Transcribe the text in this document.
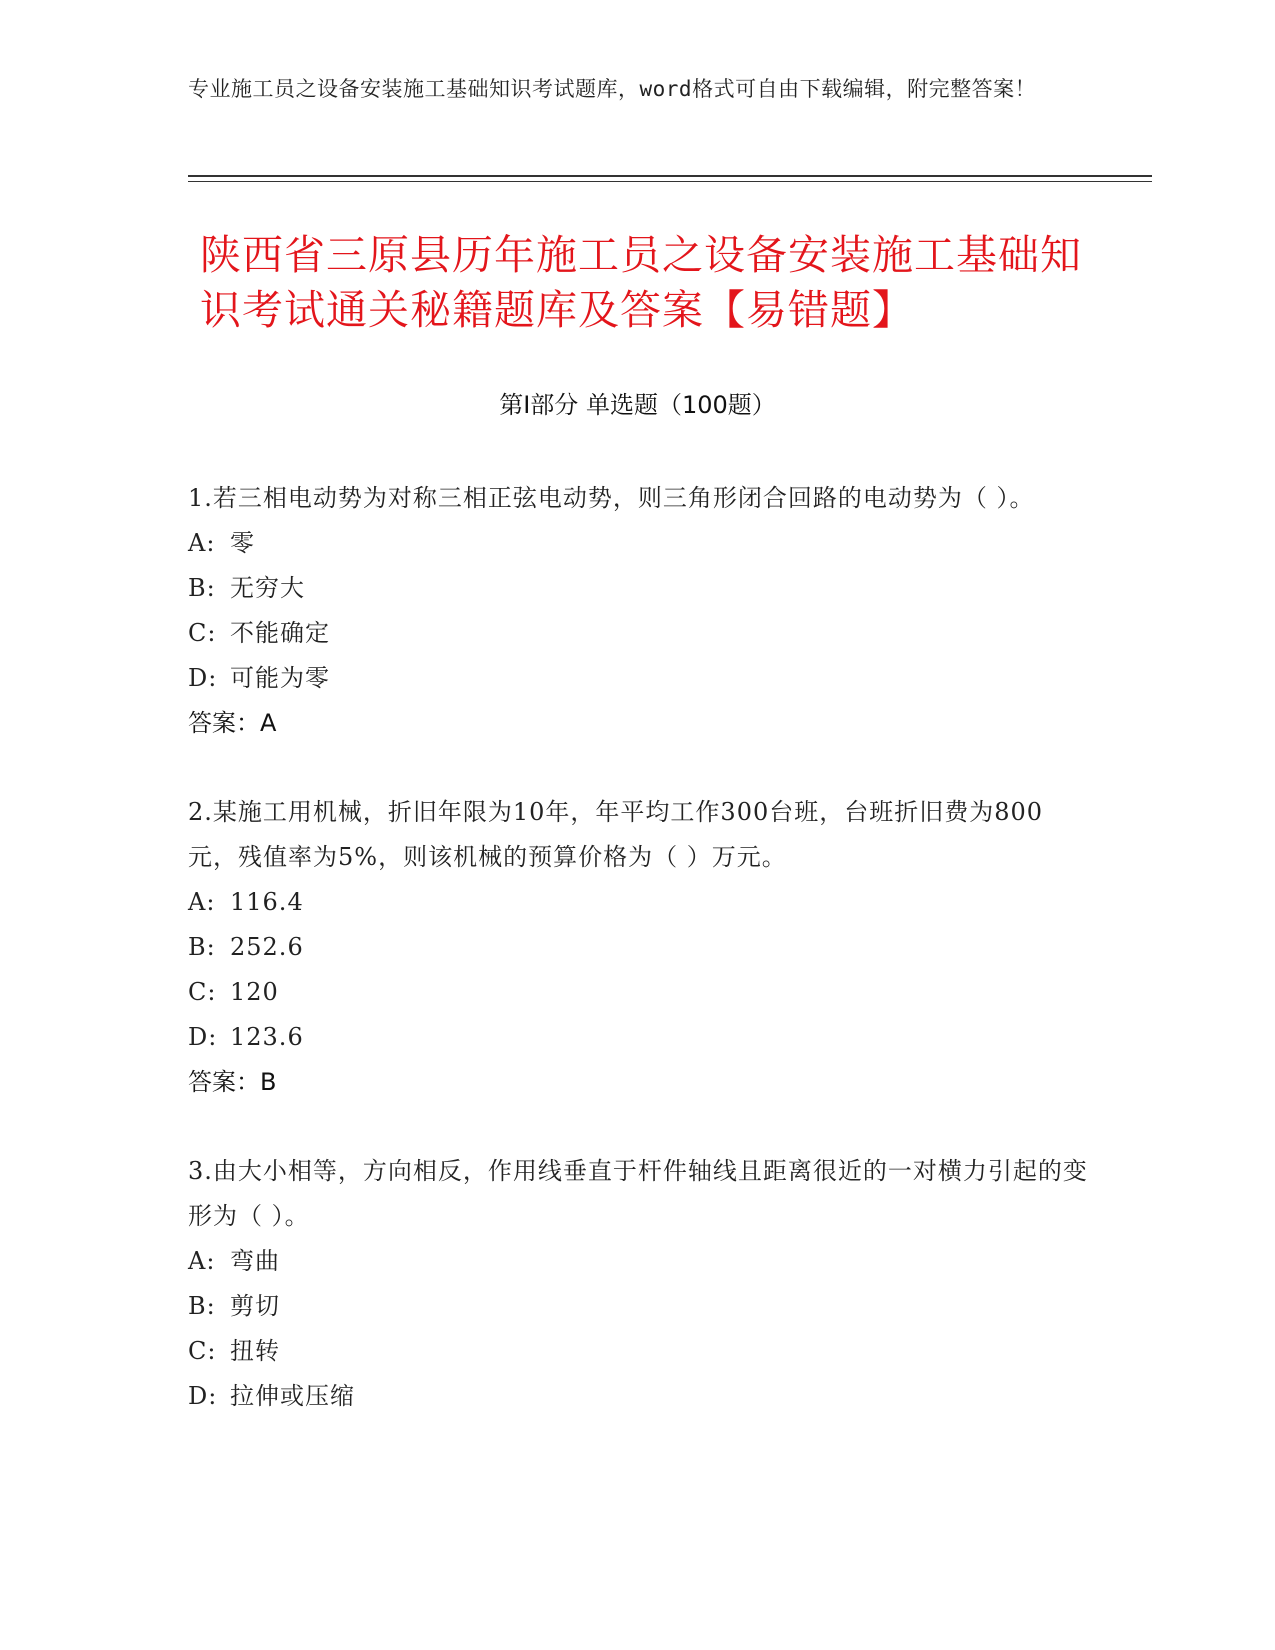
专业施工员之设备安装施工基础知识考试题库，word格式可自由下载编辑，附完整答案！
陕西省三原县历年施工员之设备安装施工基础知识考试通关秘籍题库及答案【易错题】
第Ⅰ部分 单选题（100题）
1.若三相电动势为对称三相正弦电动势，则三角形闭合回路的电动势为（ ）。
A: 零
B: 无穷大
C: 不能确定
D: 可能为零
答案：A
2.某施工用机械，折旧年限为10年，年平均工作300台班，台班折旧费为800元，残值率为5%，则该机械的预算价格为（ ）万元。
A: 116.4
B: 252.6
C: 120
D: 123.6
答案：B
3.由大小相等，方向相反，作用线垂直于杆件轴线且距离很近的一对横力引起的变形为（ ）。
A: 弯曲
B: 剪切
C: 扭转
D: 拉伸或压缩
